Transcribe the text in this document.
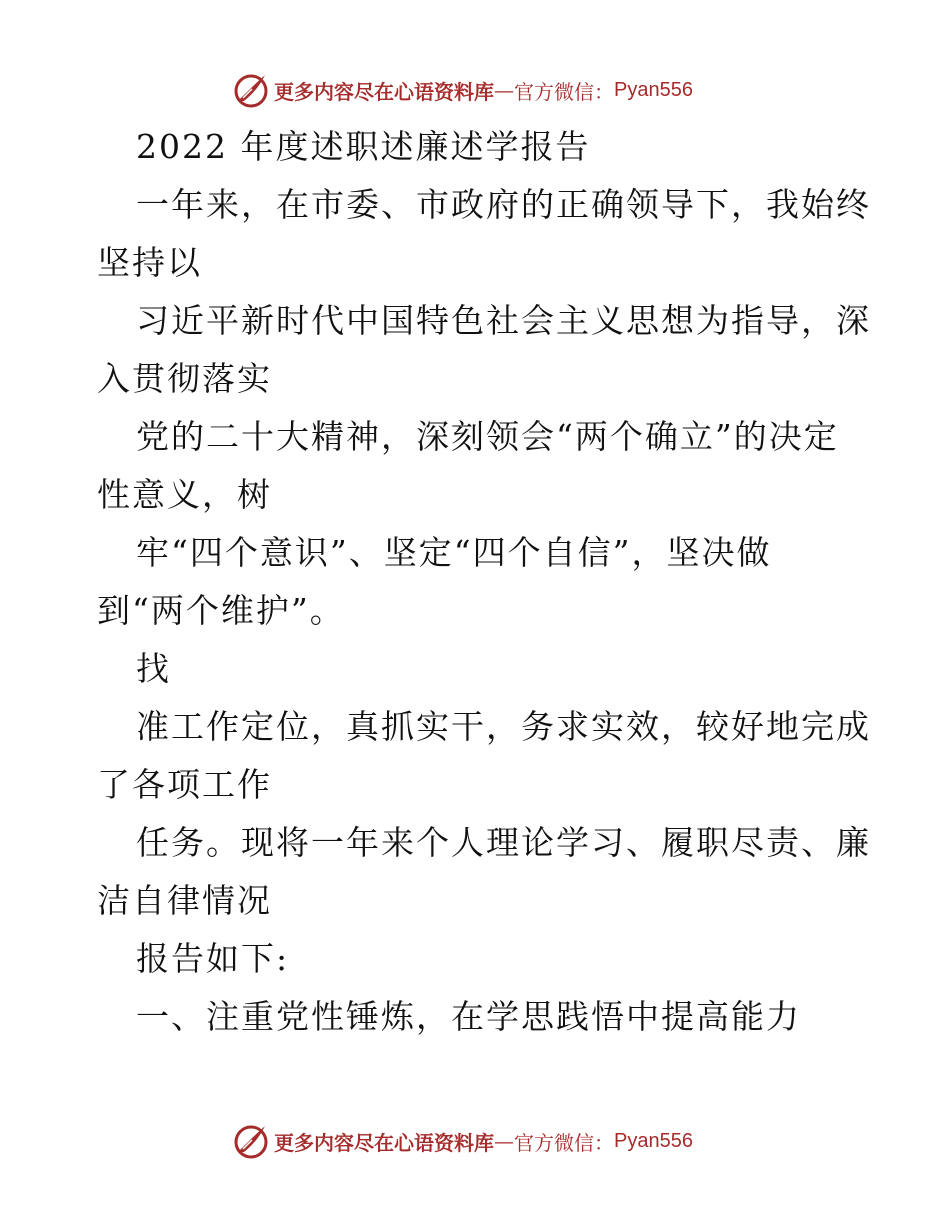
更多内容尽在心语资料库 — 官方微信： Pyan556
2022 年度述职述廉述学报告
一年来，在市委、市政府的正确领导下，我始终
坚持以
习近平新时代中国特色社会主义思想为指导，深
入贯彻落实
党的二十大精神，深刻领会“两个确立”的决定
性意义，树
牢“四个意识”、坚定“四个自信”，坚决做
到“两个维护”。
找
准工作定位，真抓实干，务求实效，较好地完成
了各项工作
任务。现将一年来个人理论学习、履职尽责、廉
洁自律情况
报告如下:
一、注重党性锤炼，在学思践悟中提高能力
更多内容尽在心语资料库 — 官方微信： Pyan556
